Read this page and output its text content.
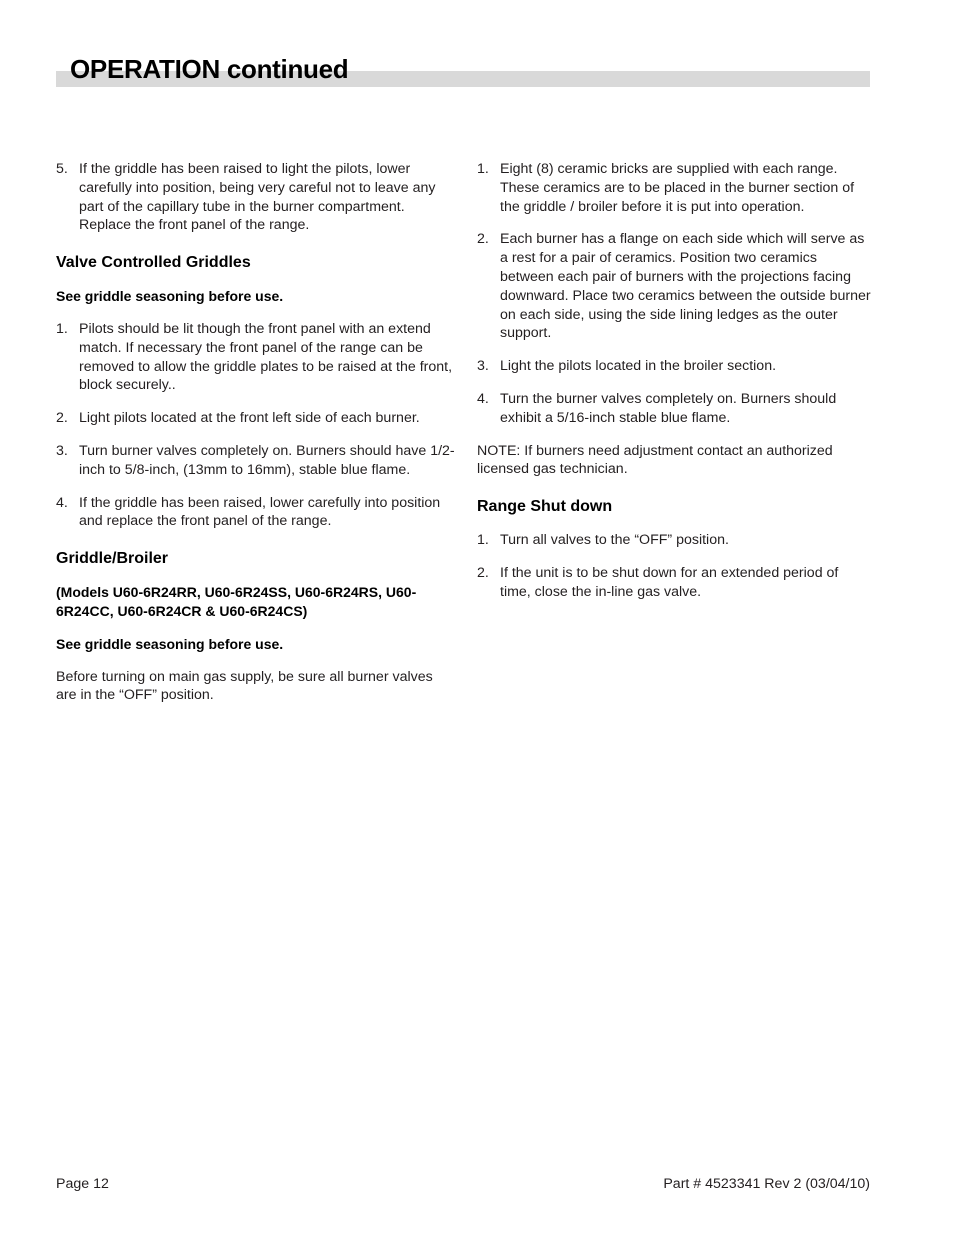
OPERATION continued
5. If the griddle has been raised to light the pilots, lower carefully into position, being very careful not to leave any part of the capillary tube in the burner compartment. Replace the front panel of the range.
Valve Controlled Griddles
See griddle seasoning before use.
1. Pilots should be lit though the front panel with an extend match. If necessary the front panel of the range can be removed to allow the griddle plates to be raised at the front, block securely..
2. Light pilots located at the front left side of each burner.
3. Turn burner valves completely on. Burners should have 1/2-inch to 5/8-inch, (13mm to 16mm), stable blue flame.
4. If the griddle has been raised, lower carefully into position and replace the front panel of the range.
Griddle/Broiler
(Models U60-6R24RR, U60-6R24SS, U60-6R24RS, U60-6R24CC, U60-6R24CR & U60-6R24CS)
See griddle seasoning before use.
Before turning on main gas supply, be sure all burner valves are in the “OFF” position.
1. Eight (8) ceramic bricks are supplied with each range. These ceramics are to be placed in the burner section of the griddle / broiler before it is put into operation.
2. Each burner has a flange on each side which will serve as a rest for a pair of ceramics. Position two ceramics between each pair of burners with the projections facing downward. Place two ceramics between the outside burner on each side, using the side lining ledges as the outer support.
3. Light the pilots located in the broiler section.
4. Turn the burner valves completely on. Burners should exhibit a 5/16-inch stable blue flame.
NOTE: If burners need adjustment contact an authorized licensed gas technician.
Range Shut down
1. Turn all valves to the “OFF” position.
2. If the unit is to be shut down for an extended period of time, close the in-line gas valve.
Page 12	Part # 4523341 Rev 2 (03/04/10)
